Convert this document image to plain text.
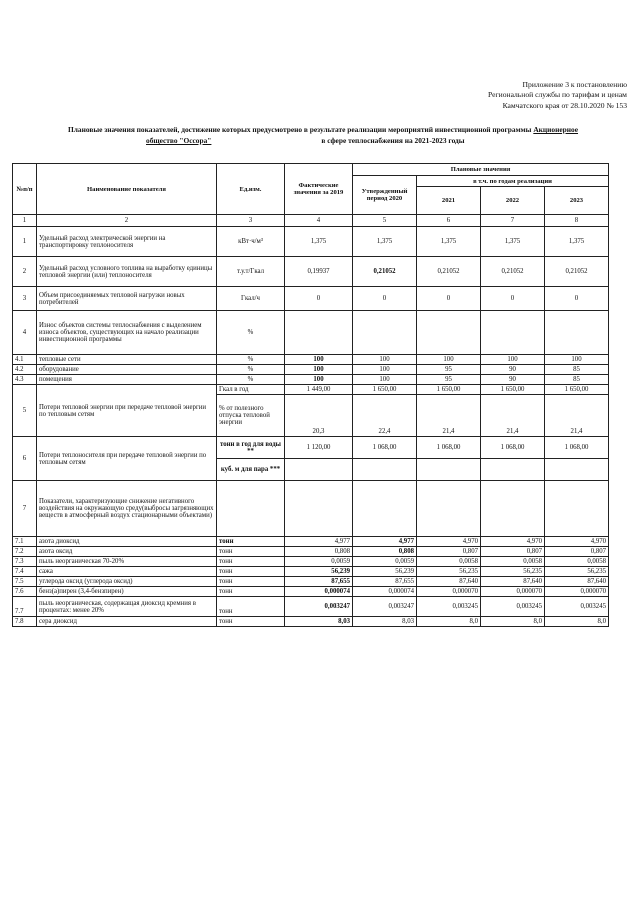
Приложение 3 к постановлению
Региональной службы по тарифам и ценам
Камчатского края от 28.10.2020 № 153
Плановые значения показателей, достижение которых предусмотрено в результате реализации мероприятий инвестиционной программы Акционерное
общество "Оссора"	в сфере теплоснабжения на 2021-2023 годы
№п/п	Наименование показателя	Ед.изм.	Фактические значения за 2019	Плановые значения			
				Утвержденный период 2020	в т.ч. по годам реализации		
					2021	2022	2023
1	2	3	4	5	6	7	8
1	Удельный расход электрической энергии на транспортировку теплоносителя	кВт·ч/м³	1,375	1,375	1,375	1,375	1,375
2	Удельный расход условного топлива на выработку единицы тепловой энергии (или) теплоносителя	т.у.т/Гкал	0,19937	0,21052	0,21052	0,21052	0,21052
3	Объем присоединяемых тепловой нагрузки новых потребителей	Гкал/ч	0	0	0	0	0
4	Износ объектов системы теплоснабжения с выделением износа объектов, существующих на начало реализации инвестиционной программы	%					
4.1	тепловые сети	%	100	100	100	100	100
4.2	оборудование	%	100	100	95	90	85
4.3	помещения	%	100	100	95	90	85
5	Потери тепловой энергии при передаче тепловой энергии по тепловым сетям	Гкал в год	1 449,00	1 650,00	1 650,00	1 650,00	1 650,00
		% от полезного отпуска тепловой энергии	20,3	22,4	21,4	21,4	21,4
6	Потери теплоносителя при передаче тепловой энергии по тепловым сетям	тонн в год для воды **	1 120,00	1 068,00	1 068,00	1 068,00	1 068,00
		куб. м для пара ***					
7	Показатели, характеризующие снижение негативного воздействия на окружающую среду(выбросы загрязняющих веществ в атмосферный воздух стационарными объектами)						
7.1	азота диоксид	тонн	4,977	4,977	4,970	4,970	4,970
7.2	азота оксид	тонн	0,808	0,808	0,807	0,807	0,807
7.3	пыль неорганическая 70-20%	тонн	0,0059	0,0059	0,0058	0,0058	0,0058
7.4	сажа	тонн	56,239	56,239	56,235	56,235	56,235
7.5	углерода оксид (углерода оксид)	тонн	87,655	87,655	87,640	87,640	87,640
7.6	бенз(а)пирен (3,4-бензпирен)	тонн	0,000074	0,000074	0,000070	0,000070	0,000070
7.7	пыль неорганическая, содержащая диоксид кремния в процентах: менее 20%	тонн	0,003247	0,003247	0,003245	0,003245	0,003245
7.8	сера диоксид	тонн	8,03	8,03	8,0	8,0	8,0
